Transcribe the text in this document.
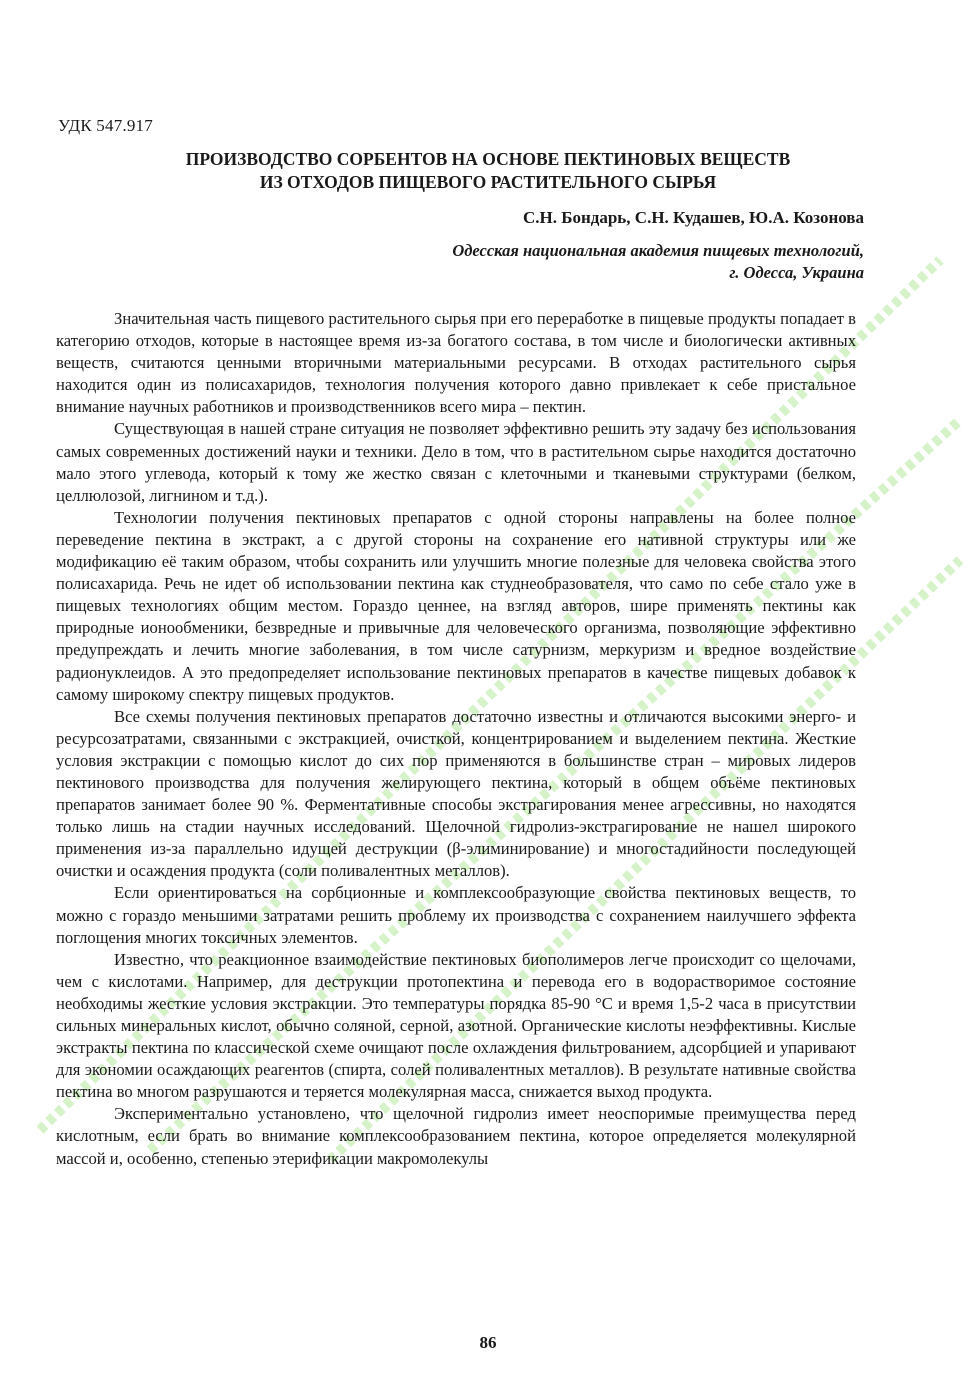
УДК 547.917
ПРОИЗВОДСТВО СОРБЕНТОВ НА ОСНОВЕ ПЕКТИНОВЫХ ВЕЩЕСТВ
ИЗ ОТХОДОВ ПИЩЕВОГО РАСТИТЕЛЬНОГО СЫРЬЯ
С.Н. Бондарь, С.Н. Кудашев, Ю.А. Козонова
Одесская национальная академия пищевых технологий,
г. Одесса, Украина

Значительная часть пищевого растительного сырья при его переработке в пищевые продукты попадает в категорию отходов, которые в настоящее время из-за богатого состава, в том числе и биологически активных веществ, считаются ценными вторичными материальными ресурсами. В отходах растительного сырья находится один из полисахаридов, технология получения которого давно привлекает к себе пристальное внимание научных работников и производственников всего мира – пектин.

Существующая в нашей стране ситуация не позволяет эффективно решить эту задачу без использования самых современных достижений науки и техники. Дело в том, что в растительном сырье находится достаточно мало этого углевода, который к тому же жестко связан с клеточными и тканевыми структурами (белком, целлюлозой, лигнином и т.д.).

Технологии получения пектиновых препаратов с одной стороны направлены на более полное переведение пектина в экстракт, а с другой стороны на сохранение его нативной структуры или же модификацию её таким образом, чтобы сохранить или улучшить многие полезные для человека свойства этого полисахарида. Речь не идет об использовании пектина как студнеобразователя, что само по себе стало уже в пищевых технологиях общим местом. Гораздо ценнее, на взгляд авторов, шире применять пектины как природные ионообменики, безвредные и привычные для человеческого организма, позволяющие эффективно предупреждать и лечить многие заболевания, в том числе сатурнизм, меркуризм и вредное воздействие радионуклеидов. А это предопределяет использование пектиновых препаратов в качестве пищевых добавок к самому широкому спектру пищевых продуктов.

Все схемы получения пектиновых препаратов достаточно известны и отличаются высокими энерго- и ресурсозатратами, связанными с экстракцией, очисткой, концентрированием и выделением пектина. Жесткие условия экстракции с помощью кислот до сих пор применяются в большинстве стран – мировых лидеров пектинового производства для получения желирующего пектина, который в общем объёме пектиновых препаратов занимает более 90 %. Ферментативные способы экстрагирования менее агрессивны, но находятся только лишь на стадии научных исследований. Щелочной гидролиз-экстрагирование не нашел широкого применения из-за параллельно идущей деструкции (β-элиминирование) и многостадийности последующей очистки и осаждения продукта (соли поливалентных металлов).

Если ориентироваться на сорбционные и комплексообразующие свойства пектиновых веществ, то можно с гораздо меньшими затратами решить проблему их производства с сохранением наилучшего эффекта поглощения многих токсичных элементов.

Известно, что реакционное взаимодействие пектиновых биополимеров легче происходит со щелочами, чем с кислотами. Например, для деструкции протопектина и перевода его в водорастворимое состояние необходимы жесткие условия экстракции. Это температуры порядка 85-90 °С и время 1,5-2 часа в присутствии сильных минеральных кислот, обычно соляной, серной, азотной. Органические кислоты неэффективны. Кислые экстракты пектина по классической схеме очищают после охлаждения фильтрованием, адсорбцией и упаривают для экономии осаждающих реагентов (спирта, солей поливалентных металлов). В результате нативные свойства пектина во многом разрушаются и теряется молекулярная масса, снижается выход продукта.

Экспериментально установлено, что щелочной гидролиз имеет неоспоримые преимущества перед кислотным, если брать во внимание комплексообразованием пектина, которое определяется молекулярной массой и, особенно, степенью этерификации макромолекулы

86
